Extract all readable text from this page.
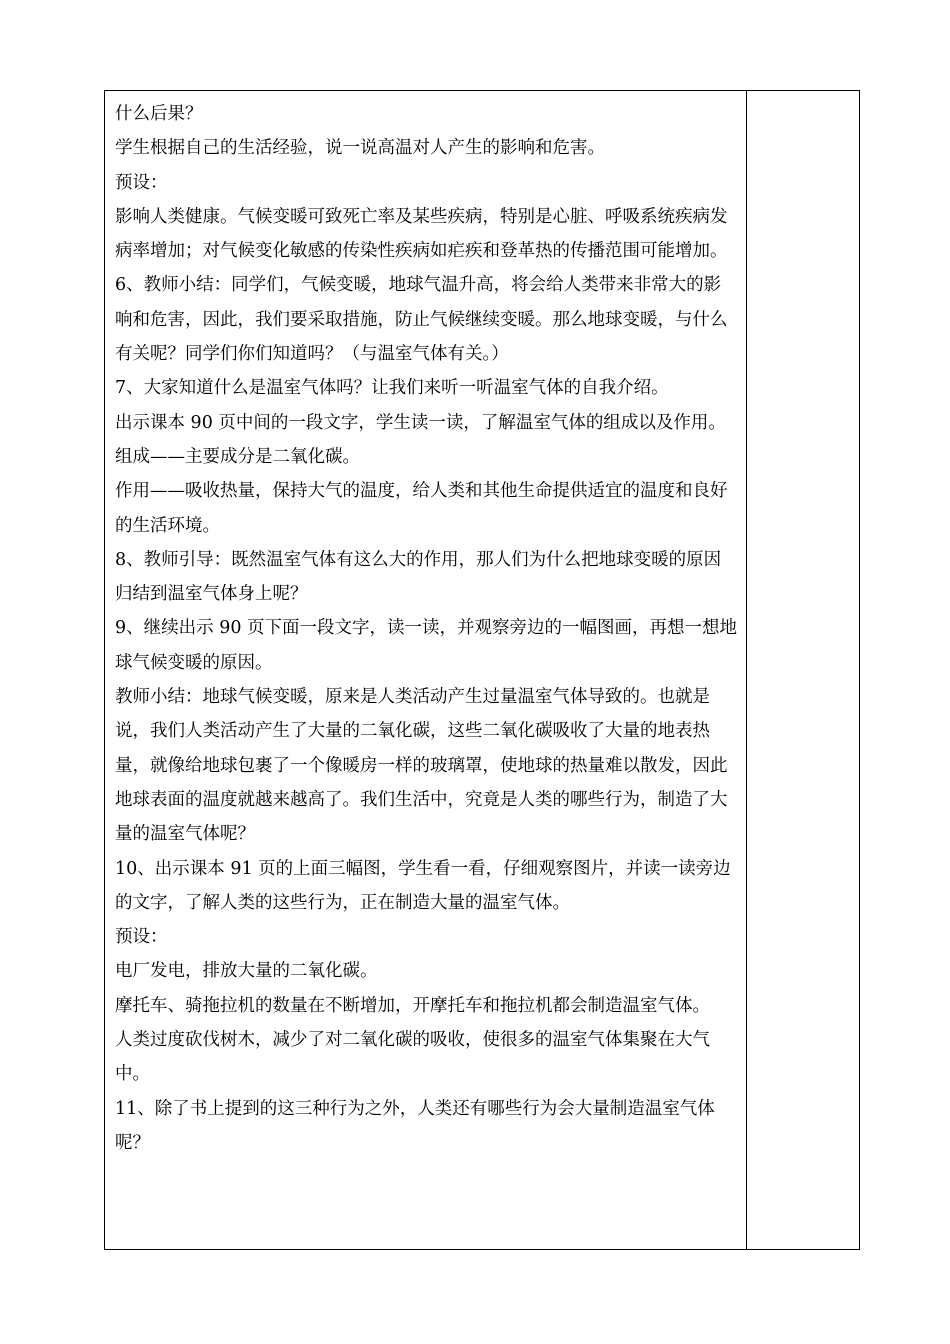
什么后果？

学生根据自己的生活经验，说一说高温对人产生的影响和危害。

预设：

影响人类健康。气候变暖可致死亡率及某些疾病，特别是心脏、呼吸系统疾病发病率增加；对气候变化敏感的传染性疾病如疟疾和登革热的传播范围可能增加。

6、教师小结：同学们，气候变暖，地球气温升高，将会给人类带来非常大的影响和危害，因此，我们要采取措施，防止气候继续变暖。那么地球变暖，与什么有关呢？同学们你们知道吗？（与温室气体有关。）

7、大家知道什么是温室气体吗？让我们来听一听温室气体的自我介绍。

出示课本 90 页中间的一段文字，学生读一读，了解温室气体的组成以及作用。

组成——主要成分是二氧化碳。

作用——吸收热量，保持大气的温度，给人类和其他生命提供适宜的温度和良好的生活环境。

8、教师引导：既然温室气体有这么大的作用，那人们为什么把地球变暖的原因归结到温室气体身上呢？

9、继续出示 90 页下面一段文字，读一读，并观察旁边的一幅图画，再想一想地球气候变暖的原因。

教师小结：地球气候变暖，原来是人类活动产生过量温室气体导致的。也就是说，我们人类活动产生了大量的二氧化碳，这些二氧化碳吸收了大量的地表热量，就像给地球包裹了一个像暖房一样的玻璃罩，使地球的热量难以散发，因此地球表面的温度就越来越高了。我们生活中，究竟是人类的哪些行为，制造了大量的温室气体呢？

10、出示课本 91 页的上面三幅图，学生看一看，仔细观察图片，并读一读旁边的文字，了解人类的这些行为，正在制造大量的温室气体。

预设：

电厂发电，排放大量的二氧化碳。

摩托车、骑拖拉机的数量在不断增加，开摩托车和拖拉机都会制造温室气体。

人类过度砍伐树木，减少了对二氧化碳的吸收，使很多的温室气体集聚在大气中。

11、除了书上提到的这三种行为之外，人类还有哪些行为会大量制造温室气体呢？
